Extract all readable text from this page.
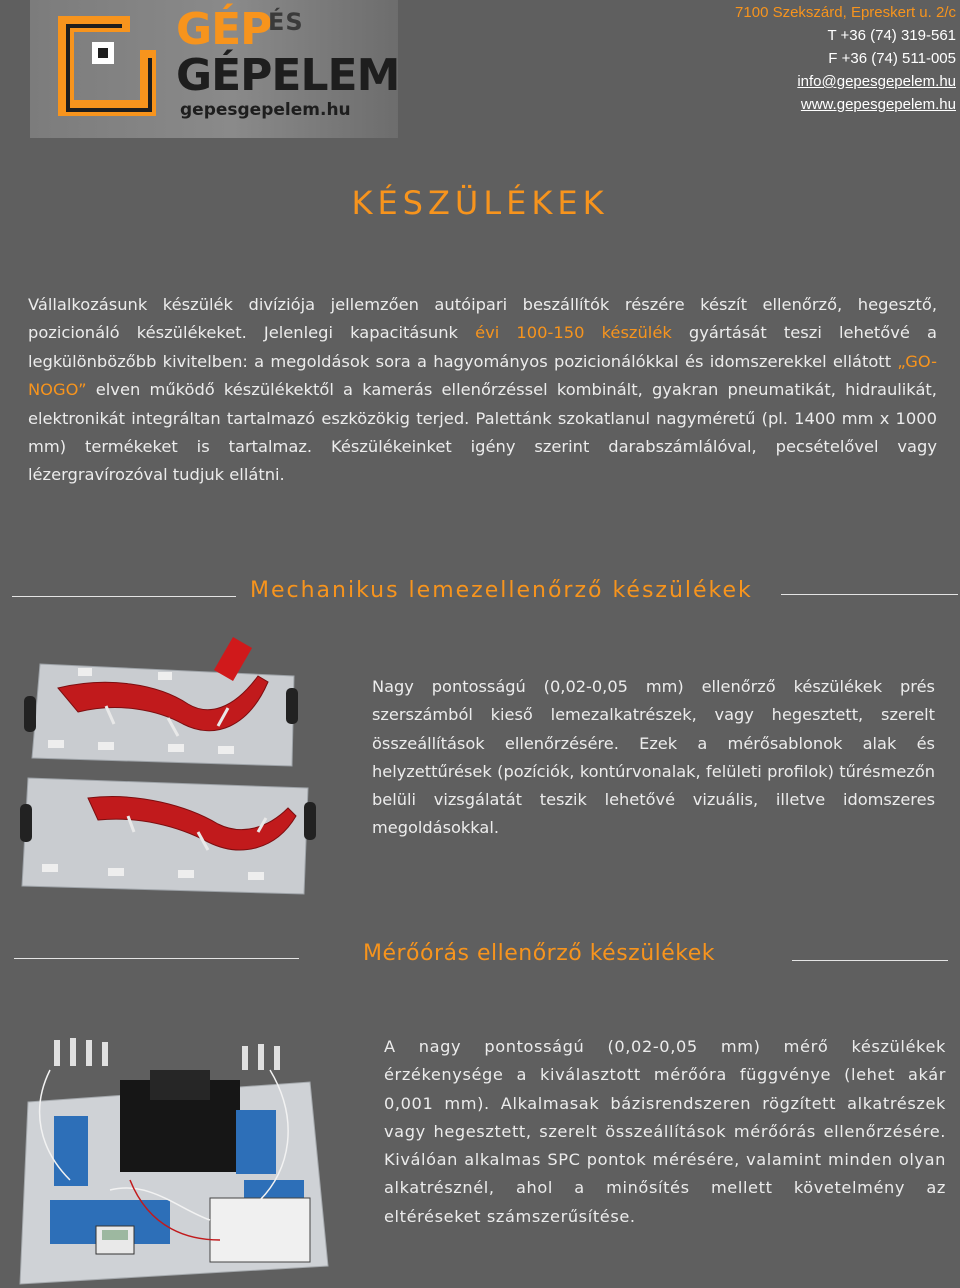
GÉP
ÉS
GÉPELEM
gepesgepelem.hu
7100 Szekszárd, Epreskert u. 2/c
T +36 (74) 319-561
F +36 (74) 511-005
info@gepesgepelem.hu
www.gepesgepelem.hu
KÉSZÜLÉKEK

Vállalkozásunk készülék divíziója jellemzően autóipari beszállítók részére készít ellenőrző, hegesztő, pozicionáló készülékeket. Jelenlegi kapacitásunk évi 100-150 készülék gyártását teszi lehetővé a legkülönbözőbb kivitelben: a megoldások sora a hagyományos pozicionálókkal és idomszerekkel ellátott „GO-NOGO” elven működő készülékektől a kamerás ellenőrzéssel kombinált, gyakran pneumatikát, hidraulikát, elektronikát integráltan tartalmazó eszközökig terjed. Palettánk szokatlanul nagyméretű (pl. 1400 mm x 1000 mm) termékeket is tartalmaz. Készülékeinket igény szerint darabszámlálóval, pecsételővel vagy lézergravírozóval tudjuk ellátni.

Mechanikus lemezellenőrző készülékek

Nagy pontosságú (0,02-0,05 mm) ellenőrző készülékek prés szerszámból kieső lemezalkatrészek, vagy hegesztett, szerelt összeállítások ellenőrzésére. Ezek a mérősablonok alak és helyzettűrések (pozíciók, kontúrvonalak, felületi profilok) tűrésmezőn belüli vizsgálatát teszik lehetővé vizuális, illetve idomszeres megoldásokkal.

Mérőórás ellenőrző készülékek

A nagy pontosságú (0,02-0,05 mm) mérő készülékek érzékenysége a kiválasztott mérőóra függvénye (lehet akár 0,001 mm). Alkalmasak bázisrendszeren rögzített alkatrészek vagy hegesztett, szerelt összeállítások mérőórás ellenőrzésére. Kiválóan alkalmas SPC pontok mérésére, valamint minden olyan alkatrésznél, ahol a minősítés mellett követelmény az eltéréseket számszerűsítése.
